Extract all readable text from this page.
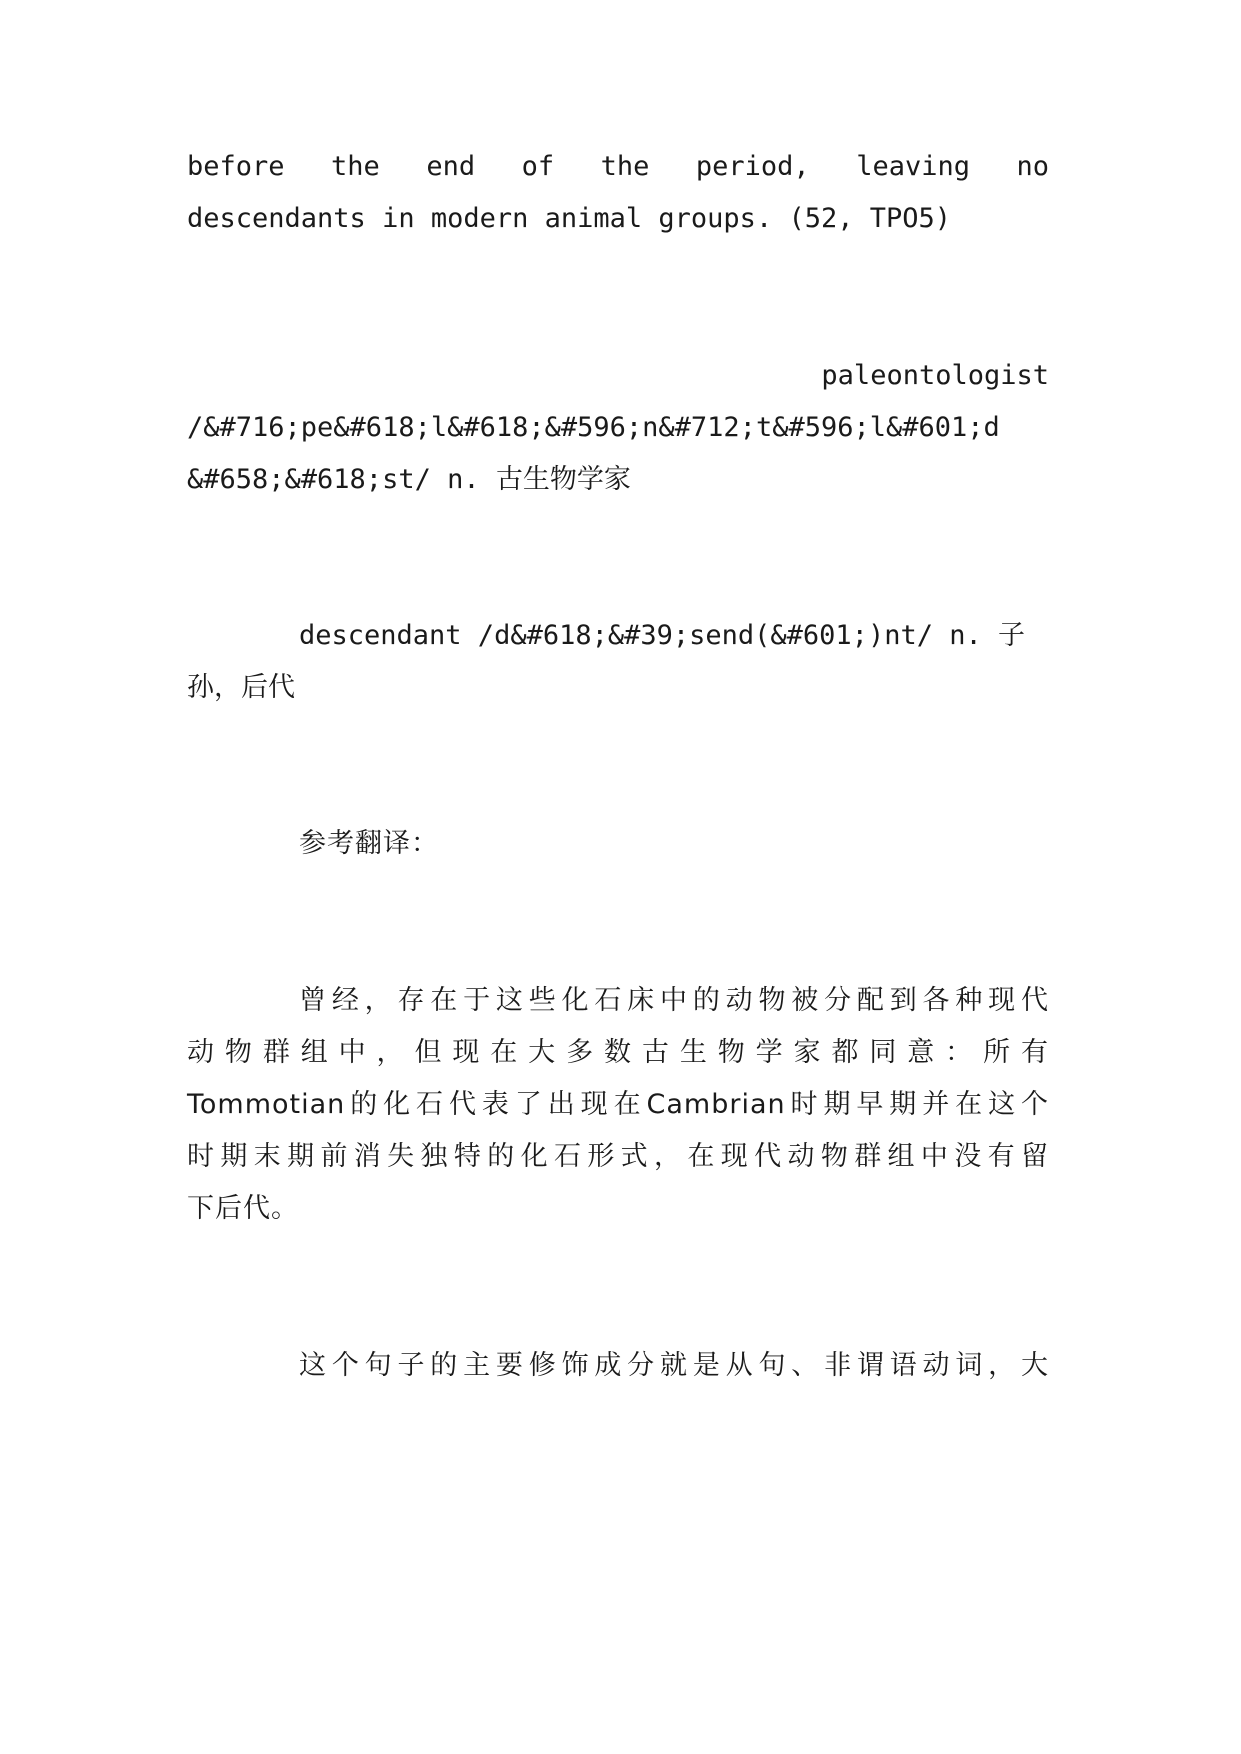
before the end of the period, leaving no
descendants in modern animal groups. (52, TPO5)
paleontologist
/&#716;pe&#618;l&#618;&#596;n&#712;t&#596;l&#601;d
&#658;&#618;st/ n. 古生物学家
descendant /d&#618;&#39;send(&#601;)nt/ n. 子
孙，后代
参考翻译：
曾经，存在于这些化石床中的动物被分配到各种现代
动物群组中，但现在大多数古生物学家都同意：所有
Tommotian的化石代表了出现在Cambrian时期早期并在这个
时期末期前消失独特的化石形式，在现代动物群组中没有留
下后代。
这个句子的主要修饰成分就是从句、非谓语动词，大
